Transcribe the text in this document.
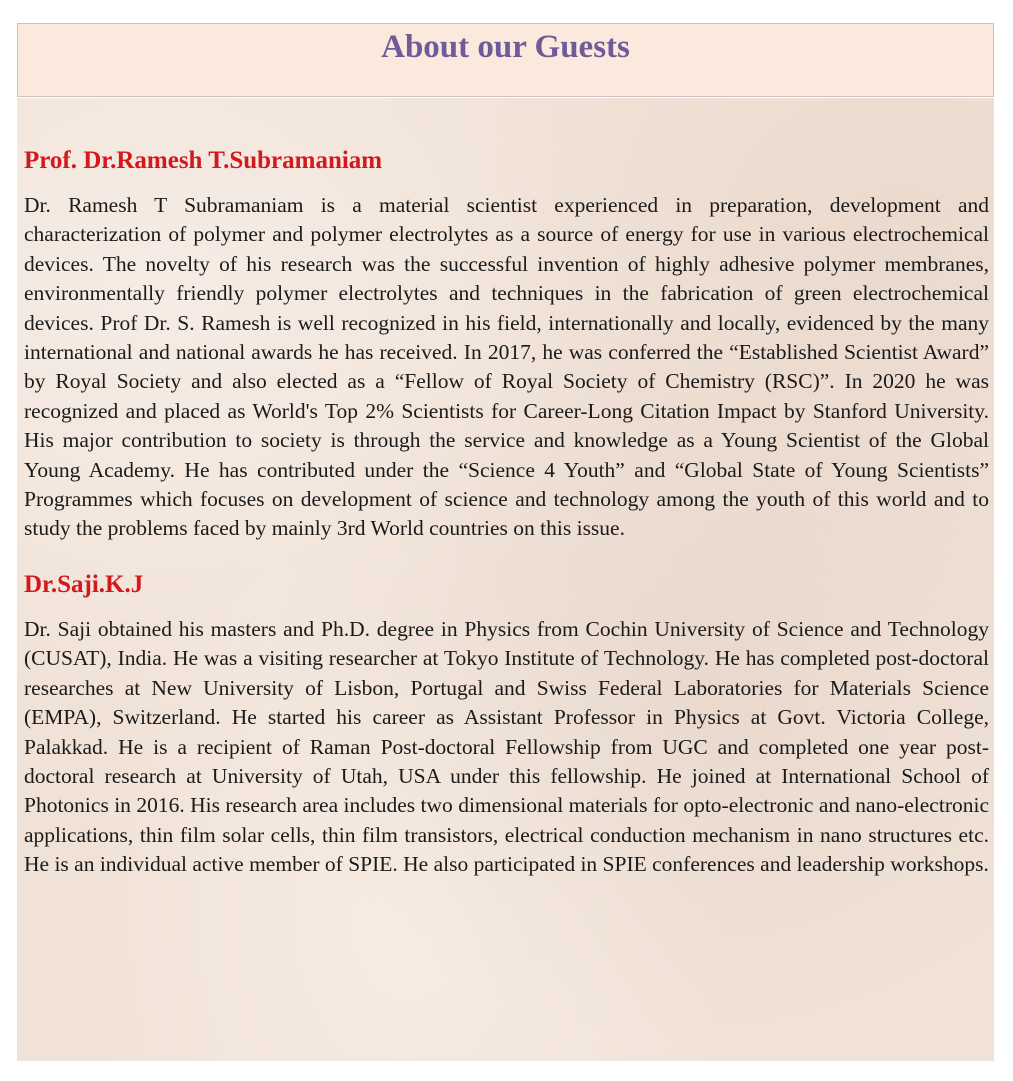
About our Guests
Prof. Dr.Ramesh T.Subramaniam

Dr. Ramesh T Subramaniam is a material scientist experienced in preparation, development and characterization of polymer and polymer electrolytes as a source of energy for use in various electrochemical devices. The novelty of his research was the successful invention of highly adhesive polymer membranes, environmentally friendly polymer electrolytes and techniques in the fabrication of green electrochemical devices. Prof Dr. S. Ramesh is well recognized in his field, internationally and locally, evidenced by the many international and national awards he has received. In 2017, he was conferred the “Established Scientist Award” by Royal Society and also elected as a “Fellow of Royal Society of Chemistry (RSC)”. In 2020 he was recognized and placed as World's Top 2% Scientists for Career-Long Citation Impact by Stanford University. His major contribution to society is through the service and knowledge as a Young Scientist of the Global Young Academy. He has contributed under the “Science 4 Youth” and “Global State of Young Scientists” Programmes which focuses on development of science and technology among the youth of this world and to study the problems faced by mainly 3rd World countries on this issue.

Dr.Saji.K.J

Dr. Saji obtained his masters and Ph.D. degree in Physics from Cochin University of Science and Technology (CUSAT), India. He was a visiting researcher at Tokyo Institute of Technology. He has completed post-doctoral researches at New University of Lisbon, Portugal and Swiss Federal Laboratories for Materials Science (EMPA), Switzerland. He started his career as Assistant Professor in Physics at Govt. Victoria College, Palakkad. He is a recipient of Raman Post-doctoral Fellowship from UGC and completed one year post-doctoral research at University of Utah, USA under this fellowship. He joined at International School of Photonics in 2016. His research area includes two dimensional materials for opto-electronic and nano-electronic applications, thin film solar cells, thin film transistors, electrical conduction mechanism in nano structures etc. He is an individual active member of SPIE. He also participated in SPIE conferences and leadership workshops.
